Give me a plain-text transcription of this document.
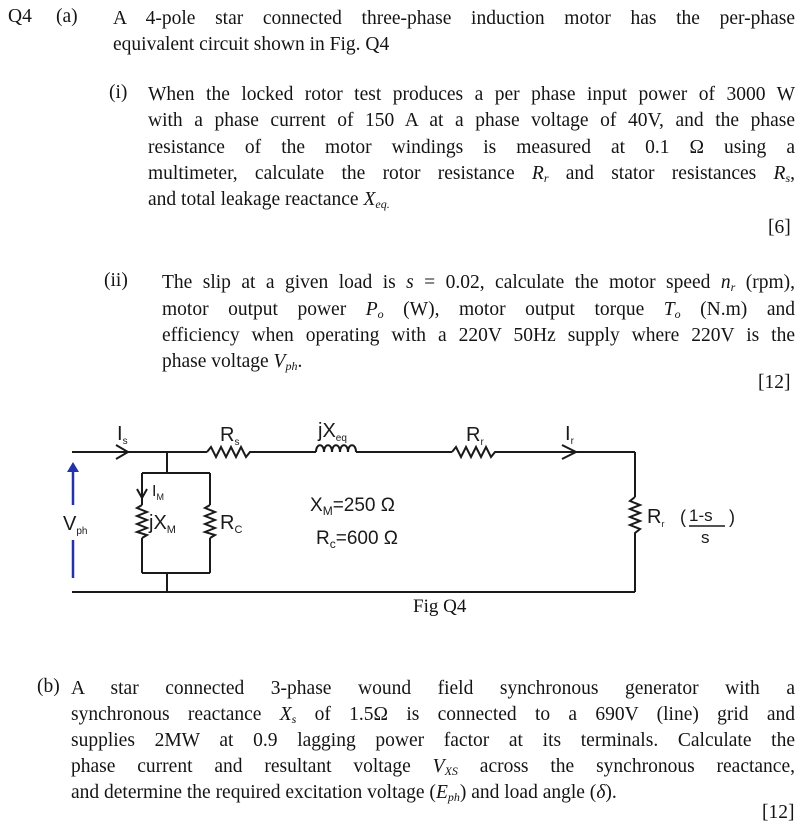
Q4 (a) A 4-pole star connected three-phase induction motor has the per-phase
equivalent circuit shown in Fig. Q4
(i) When the locked rotor test produces a per phase input power of 3000 W
with a phase current of 150 A at a phase voltage of 40V, and the phase
resistance of the motor windings is measured at 0.1 Ω using a
multimeter, calculate the rotor resistance $R_r$ and stator resistances $R_s$,
and total leakage reactance $X_{eq.}$
[6]
(ii) The slip at a given load is s = 0.02, calculate the motor speed $n_r$ (rpm),
motor output power $P_o$ (W), motor output torque $T_o$ (N.m) and
efficiency when operating with a 220V 50Hz supply where 220V is the
phase voltage $V_{ph}$.
[12]
$I_s$	$R_s$
$jX_{eq}$	$R_r$	$I_r$
$V_{ph}$
$I_M$
$jX_M$ $R_C$
$X_M=250$ Ω
$R_c=600$ Ω
$R_r$ ( 1-s )
s
Fig Q4
(b) A star connected 3-phase wound field synchronous generator with a
synchronous reactance $X_s$ of 1.5Ω is connected to a 690V (line) grid and
supplies 2MW at 0.9 lagging power factor at its terminals. Calculate the
phase current and resultant voltage $V_{XS}$ across the synchronous reactance,
and determine the required excitation voltage $(E_{ph})$ and load angle (δ).
[12]
